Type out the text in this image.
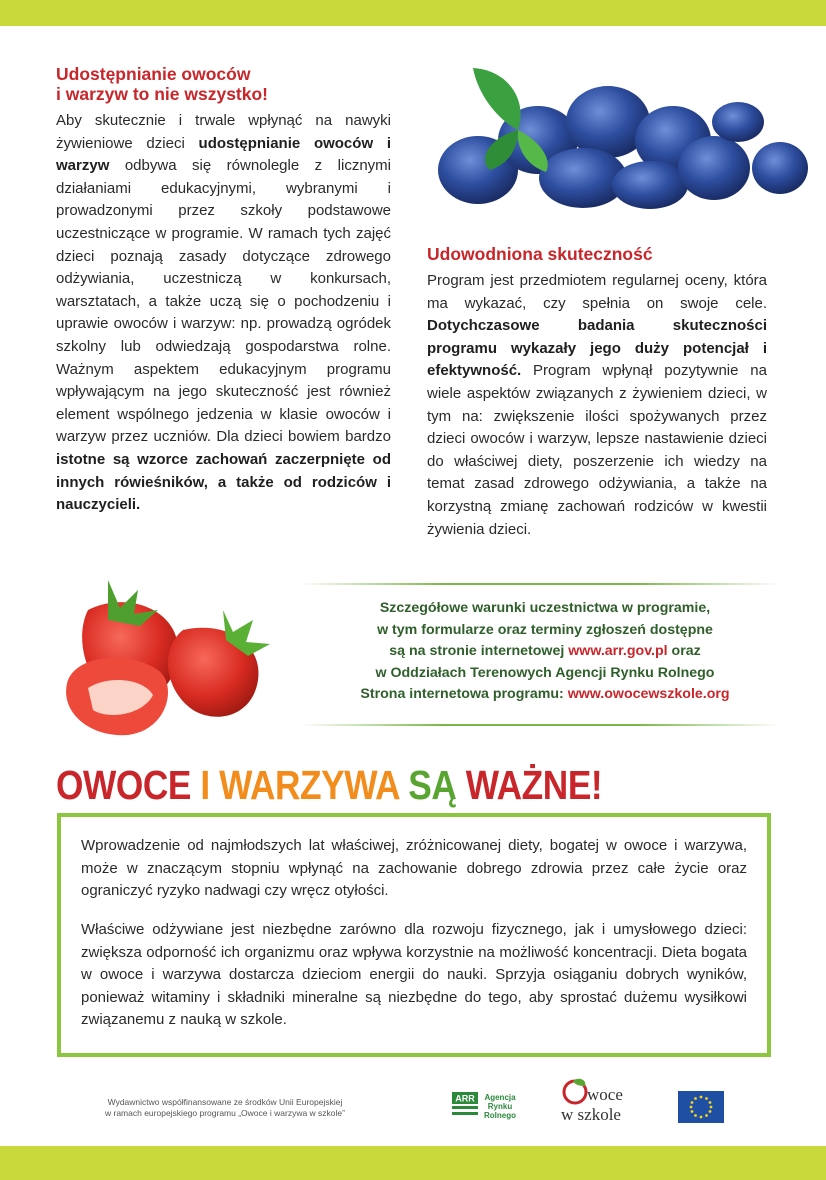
Udostępnianie owoców
i warzyw to nie wszystko!

Aby skutecznie i trwale wpłynąć na nawyki żywieniowe dzieci udostępnianie owoców i warzyw odbywa się równolegle z licznymi działaniami edukacyjnymi, wybranymi i prowadzonymi przez szkoły podstawowe uczestniczące w programie. W ramach tych zajęć dzieci poznają zasady dotyczące zdrowego odżywiania, uczestniczą w konkursach, warsztatach, a także uczą się o pochodzeniu i uprawie owoców i warzyw: np. prowadzą ogródek szkolny lub odwiedzają gospodarstwa rolne. Ważnym aspektem edukacyjnym programu wpływającym na jego skuteczność jest również element wspólnego jedzenia w klasie owoców i warzyw przez uczniów. Dla dzieci bowiem bardzo istotne są wzorce zachowań zaczerpnięte od innych rówieśników, a także od rodziców i nauczycieli.

Udowodniona skuteczność

Program jest przedmiotem regularnej oceny, która ma wykazać, czy spełnia on swoje cele. Dotychczasowe badania skuteczności programu wykazały jego duży potencjał i efektywność. Program wpłynął pozytywnie na wiele aspektów związanych z żywieniem dzieci, w tym na: zwiększenie ilości spożywanych przez dzieci owoców i warzyw, lepsze nastawienie dzieci do właściwej diety, poszerzenie ich wiedzy na temat zasad zdrowego odżywiania, a także na korzystną zmianę zachowań rodziców w kwestii żywienia dzieci.

Szczegółowe warunki uczestnictwa w programie,
w tym formularze oraz terminy zgłoszeń dostępne
są na stronie internetowej www.arr.gov.pl oraz
w Oddziałach Terenowych Agencji Rynku Rolnego
Strona internetowa programu: www.owocewszkole.org
OWOCE I WARZYWA SĄ WAŻNE!

Wprowadzenie od najmłodszych lat właściwej, zróżnicowanej diety, bogatej w owoce i warzywa, może w znaczącym stopniu wpłynąć na zachowanie dobrego zdrowia przez całe życie oraz ograniczyć ryzyko nadwagi czy wręcz otyłości.

Właściwe odżywiane jest niezbędne zarówno dla rozwoju fizycznego, jak i umysłowego dzieci: zwiększa odporność ich organizmu oraz wpływa korzystnie na możliwość koncentracji. Dieta bogata w owoce i warzywa dostarcza dzieciom energii do nauki. Sprzyja osiąganiu dobrych wyników, ponieważ witaminy i składniki mineralne są niezbędne do tego, aby sprostać dużemu wysiłkowi związanemu z nauką w szkole.

Wydawnictwo współfinansowane ze środków Unii Europejskiej
w ramach europejskiego programu „Owoce i warzywa w szkole”
ARR Agencja
Rynku
Rolnego
woce
w szkole
